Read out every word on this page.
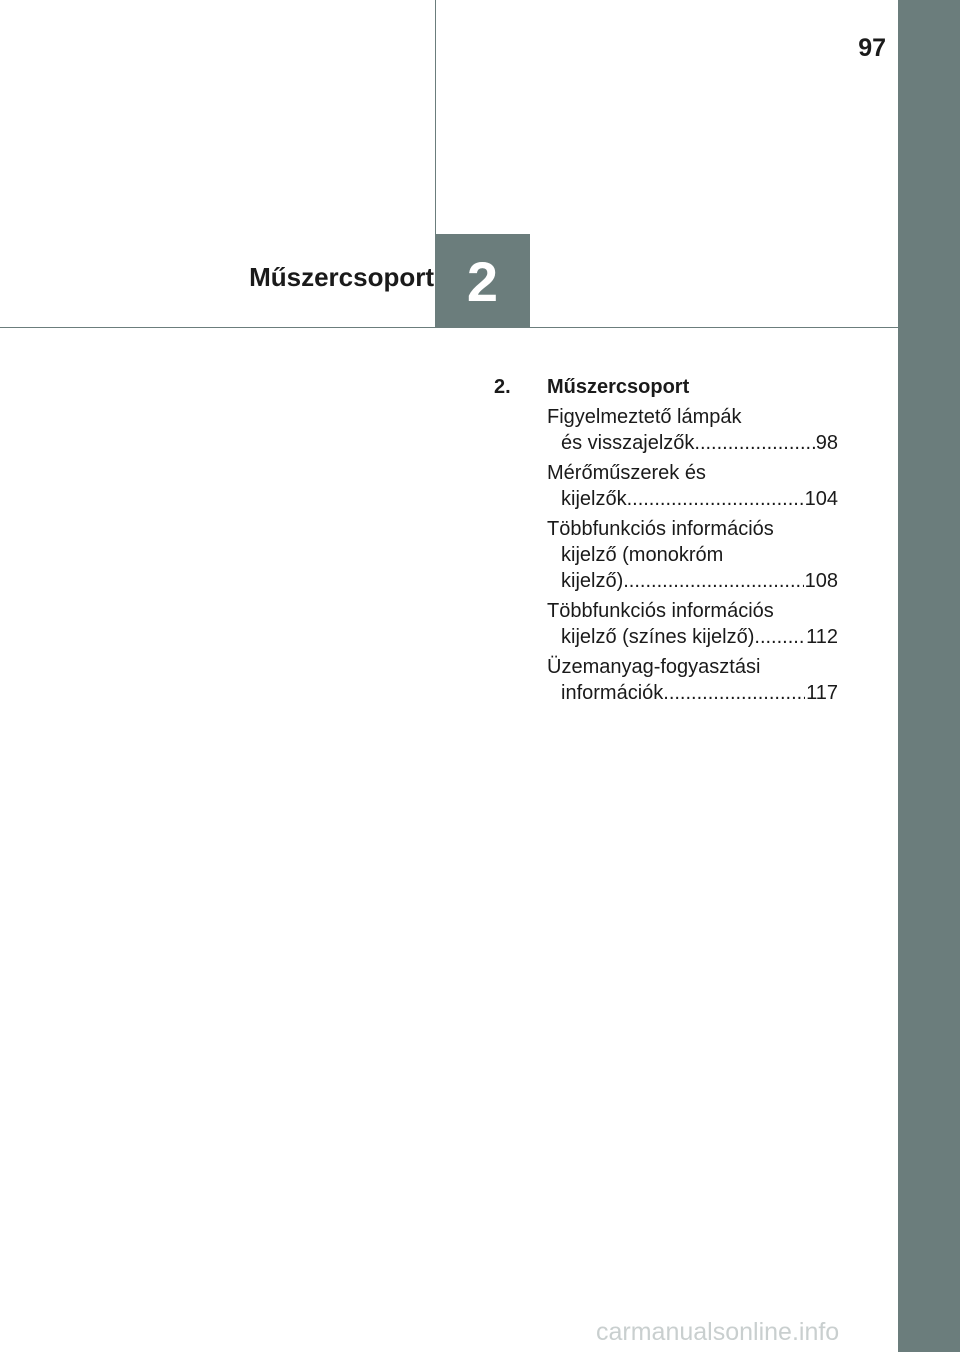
97
2
Műszercsoport
2.	Műszercsoport
Figyelmeztető lámpák
és visszajelzők .....	98
Mérőműszerek és
kijelzők .....	104
Többfunkciós információs
kijelző (monokróm
kijelző) .....	108
Többfunkciós információs
kijelző (színes kijelző) .....	112
Üzemanyag-fogyasztási
információk .....	117
carmanualsonline.info
